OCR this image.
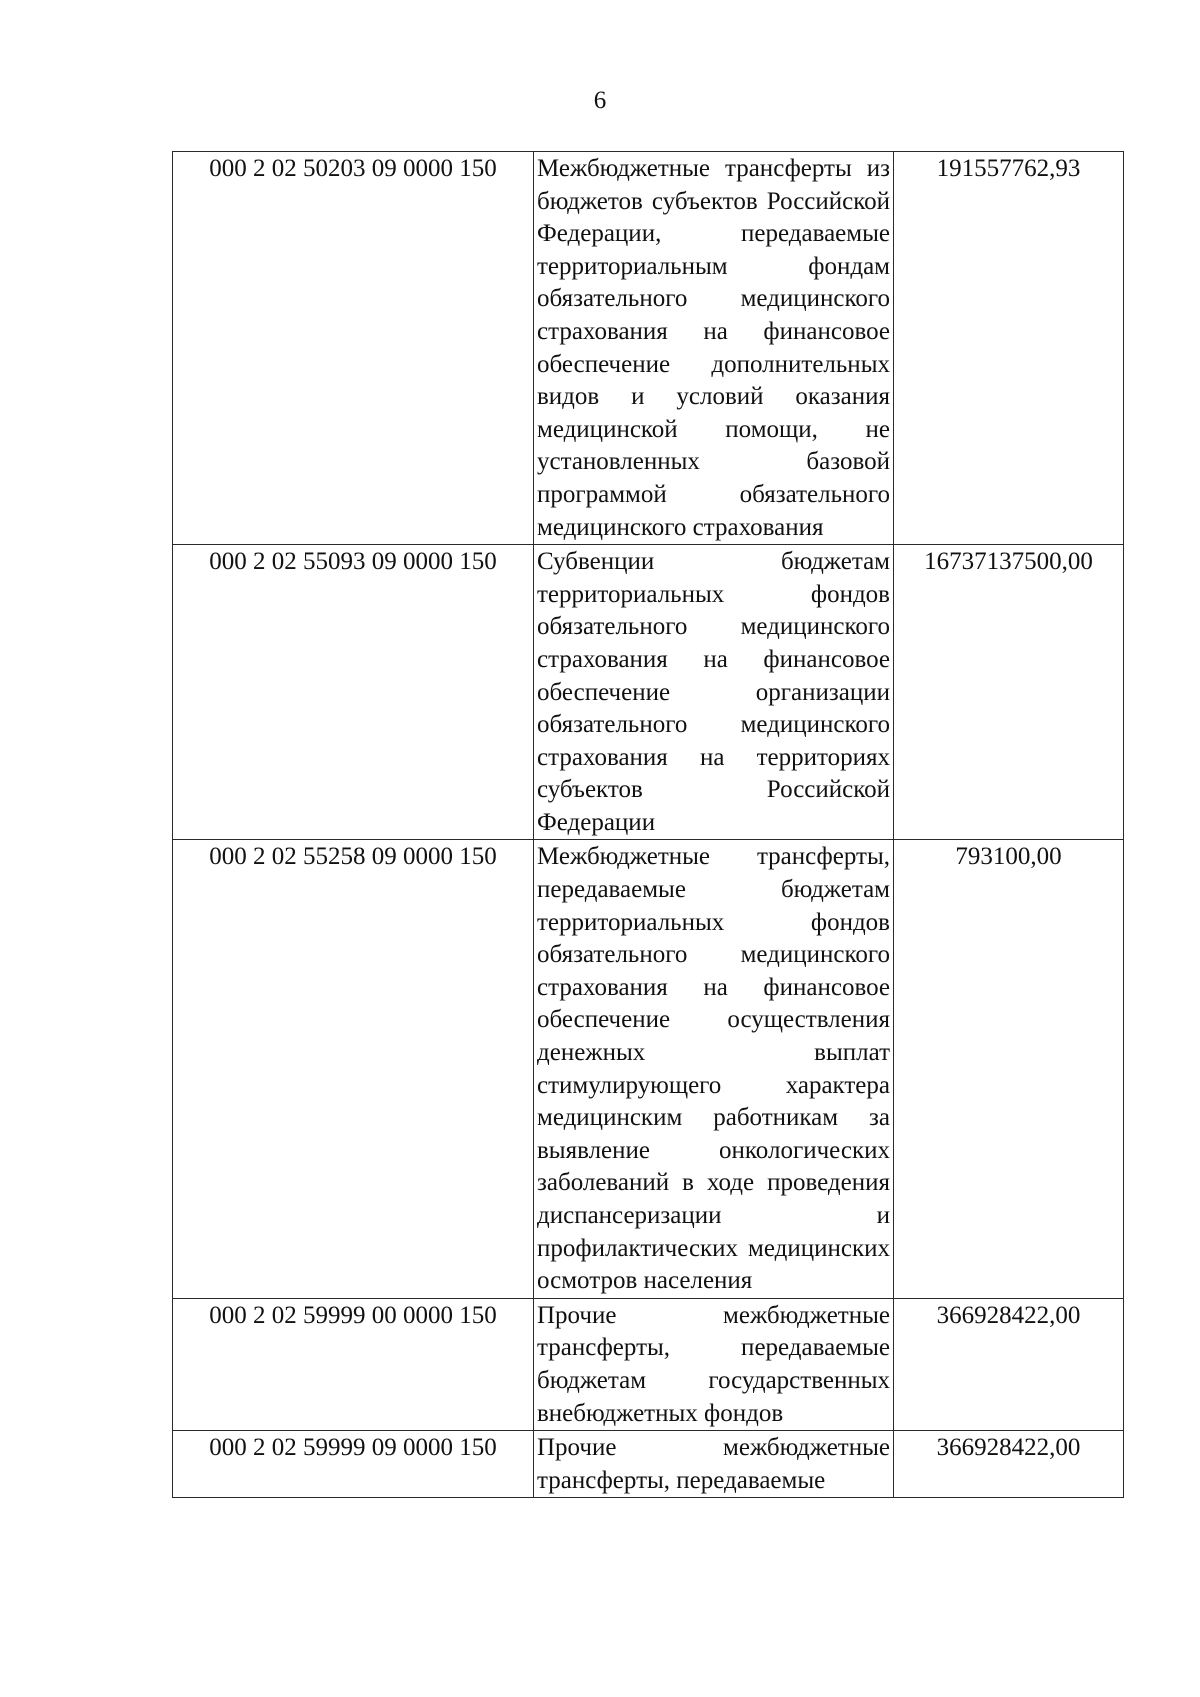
6
000 2 02 50203 09 0000 150	Межбюджетные трансферты из бюджетов субъектов Российской Федерации, передаваемые территориальным фондам обязательного медицинского страхования на финансовое обеспечение дополнительных видов и условий оказания медицинской помощи, не установленных базовой программой обязательного медицинского страхования	191557762,93
000 2 02 55093 09 0000 150	Субвенции бюджетам территориальных фондов обязательного медицинского страхования на финансовое обеспечение организации обязательного медицинского страхования на территориях субъектов Российской Федерации	16737137500,00
000 2 02 55258 09 0000 150	Межбюджетные трансферты, передаваемые бюджетам территориальных фондов обязательного медицинского страхования на финансовое обеспечение осуществления денежных выплат стимулирующего характера медицинским работникам за выявление онкологических заболеваний в ходе проведения диспансеризации и профилактических медицинских осмотров населения	793100,00
000 2 02 59999 00 0000 150	Прочие межбюджетные трансферты, передаваемые бюджетам государственных внебюджетных фондов	366928422,00
000 2 02 59999 09 0000 150	Прочие межбюджетные трансферты, передаваемые	366928422,00
